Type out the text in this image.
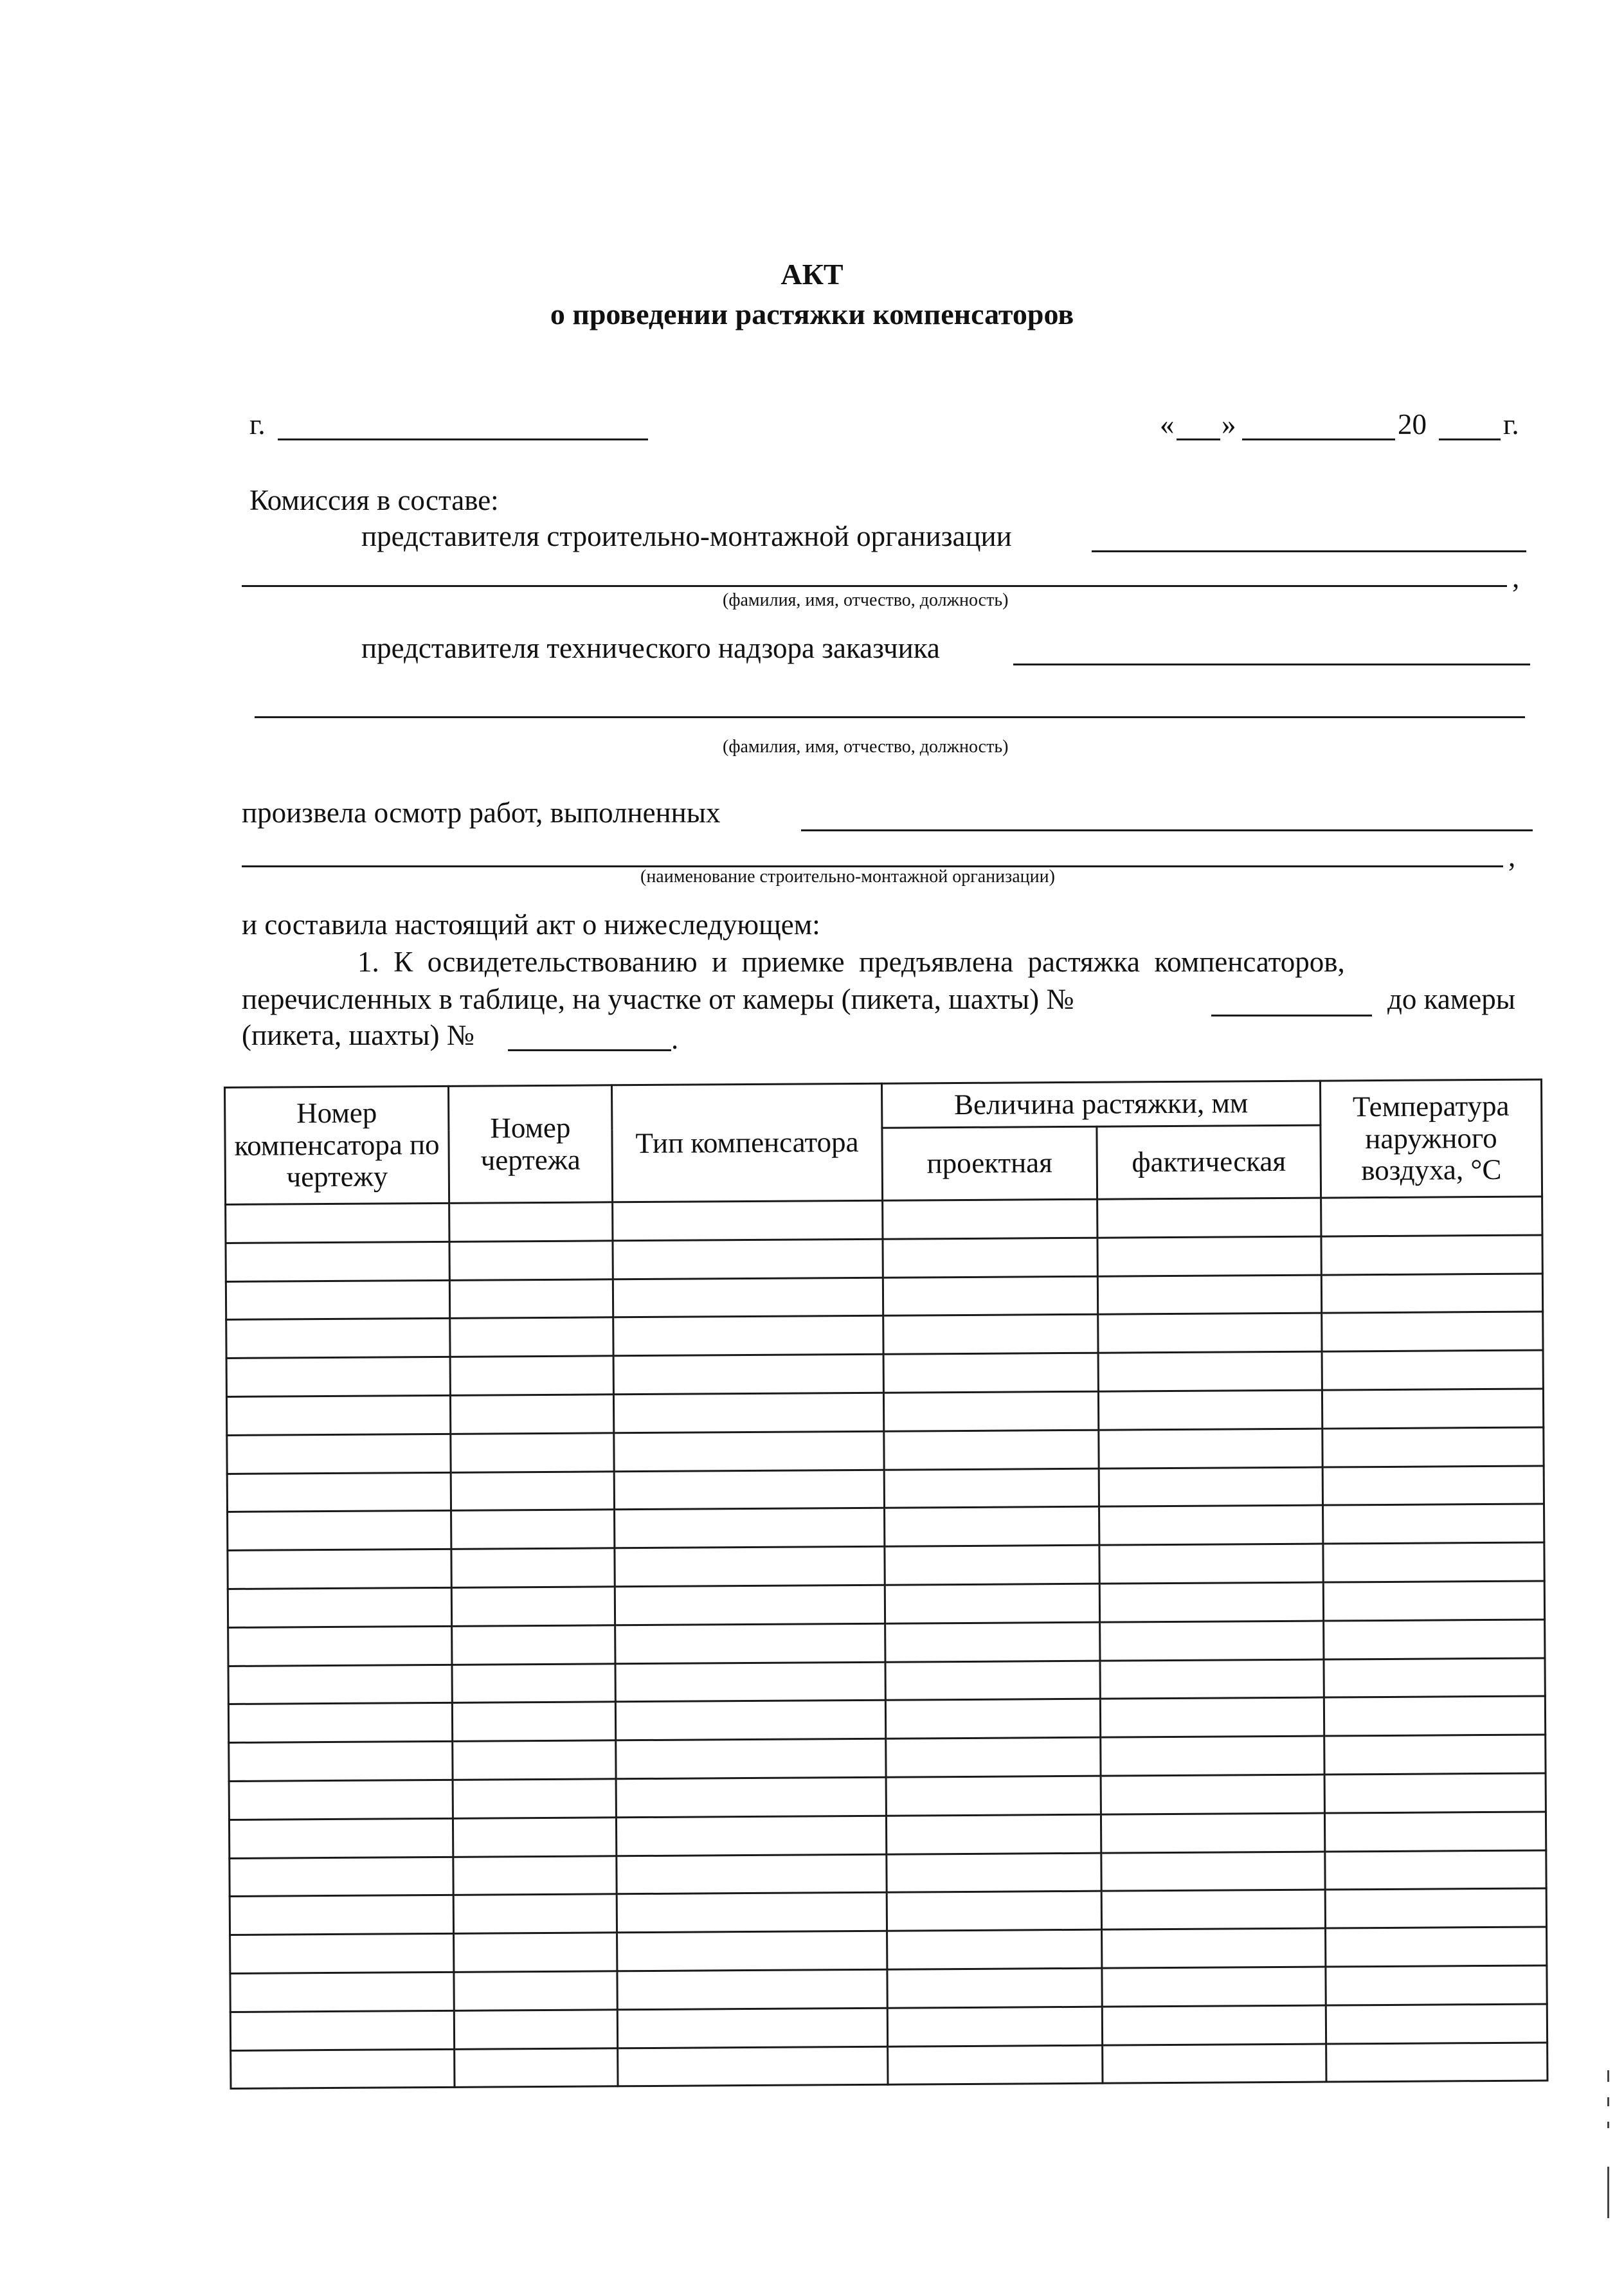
АКТ
о проведении растяжки компенсаторов
г.	« »	20	г.
Комиссия в составе:
представителя строительно-монтажной организации
,
(фамилия, имя, отчество, должность)
представителя технического надзора заказчика
(фамилия, имя, отчество, должность)
произвела осмотр работ, выполненных
,
(наименование строительно-монтажной организации)
и составила настоящий акт о нижеследующем:
1.  К  освидетельствованию  и  приемке  предъявлена  растяжка  компенсаторов,
перечисленных в таблице, на участке от камеры (пикета, шахты) №	до камеры
(пикета, шахты) №	.
Номер компенсатора по чертежу	Номер чертежа	Тип компенсатора	Величина растяжки, мм		Температура наружного воздуха, °С
			проектная	фактическая	
